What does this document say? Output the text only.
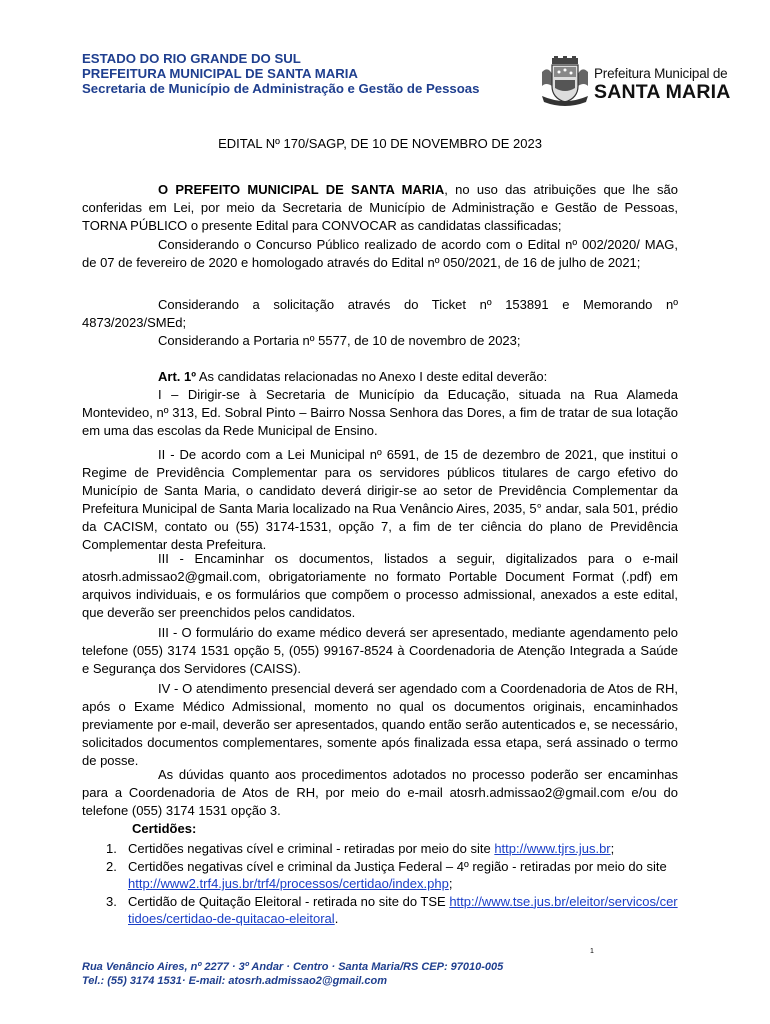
ESTADO DO RIO GRANDE DO SUL
PREFEITURA MUNICIPAL DE SANTA MARIA
Secretaria de Município de Administração e Gestão de Pessoas
Prefeitura Municipal de
SANTA MARIA
EDITAL Nº 170/SAGP, DE 10 DE NOVEMBRO DE 2023
O PREFEITO MUNICIPAL DE SANTA MARIA, no uso das atribuições que lhe são conferidas em Lei, por meio da Secretaria de Município de Administração e Gestão de Pessoas, TORNA PÚBLICO o presente Edital para CONVOCAR as candidatas classificadas;
Considerando o Concurso Público realizado de acordo com o Edital nº 002/2020/ MAG, de 07 de fevereiro de 2020 e homologado através do Edital nº 050/2021, de 16 de julho de 2021;
Considerando a solicitação através do Ticket nº 153891 e Memorando nº 4873/2023/SMEd;
Considerando a Portaria nº 5577, de 10 de novembro de 2023;
Art. 1º As candidatas relacionadas no Anexo I deste edital deverão:
I – Dirigir-se à Secretaria de Município da Educação, situada na Rua Alameda Montevideo, nº 313, Ed. Sobral Pinto – Bairro Nossa Senhora das Dores, a fim de tratar de sua lotação em uma das escolas da Rede Municipal de Ensino.
II - De acordo com a Lei Municipal nº 6591, de 15 de dezembro de 2021, que institui o Regime de Previdência Complementar para os servidores públicos titulares de cargo efetivo do Município de Santa Maria, o candidato deverá dirigir-se ao setor de Previdência Complementar da Prefeitura Municipal de Santa Maria localizado na Rua Venâncio Aires, 2035, 5° andar, sala 501, prédio da CACISM, contato ou (55) 3174-1531, opção 7, a fim de ter ciência do plano de Previdência Complementar desta Prefeitura.
III - Encaminhar os documentos, listados a seguir, digitalizados para o e-mail atosrh.admissao2@gmail.com, obrigatoriamente no formato Portable Document Format (.pdf) em arquivos individuais, e os formulários que compõem o processo admissional, anexados a este edital, que deverão ser preenchidos pelos candidatos.
III - O formulário do exame médico deverá ser apresentado, mediante agendamento pelo telefone (055) 3174 1531 opção 5, (055) 99167-8524 à Coordenadoria de Atenção Integrada a Saúde e Segurança dos Servidores (CAISS).
IV - O atendimento presencial deverá ser agendado com a Coordenadoria de Atos de RH, após o Exame Médico Admissional, momento no qual os documentos originais, encaminhados previamente por e-mail, deverão ser apresentados, quando então serão autenticados e, se necessário, solicitados documentos complementares, somente após finalizada essa etapa, será assinado o termo de posse.
As dúvidas quanto aos procedimentos adotados no processo poderão ser encaminhas para a Coordenadoria de Atos de RH, por meio do e-mail atosrh.admissao2@gmail.com e/ou do telefone (055) 3174 1531 opção 3.
Certidões:
1. Certidões negativas cível e criminal - retiradas por meio do site http://www.tjrs.jus.br;
2. Certidões negativas cível e criminal da Justiça Federal – 4º região - retiradas por meio do site http://www2.trf4.jus.br/trf4/processos/certidao/index.php;
3. Certidão de Quitação Eleitoral - retirada no site do TSE http://www.tse.jus.br/eleitor/servicos/certidoes/certidao-de-quitacao-eleitoral.
1
Rua Venâncio Aires, nº 2277 · 3º Andar · Centro · Santa Maria/RS CEP: 97010-005
Tel.: (55) 3174 1531· E-mail: atosrh.admissao2@gmail.com
